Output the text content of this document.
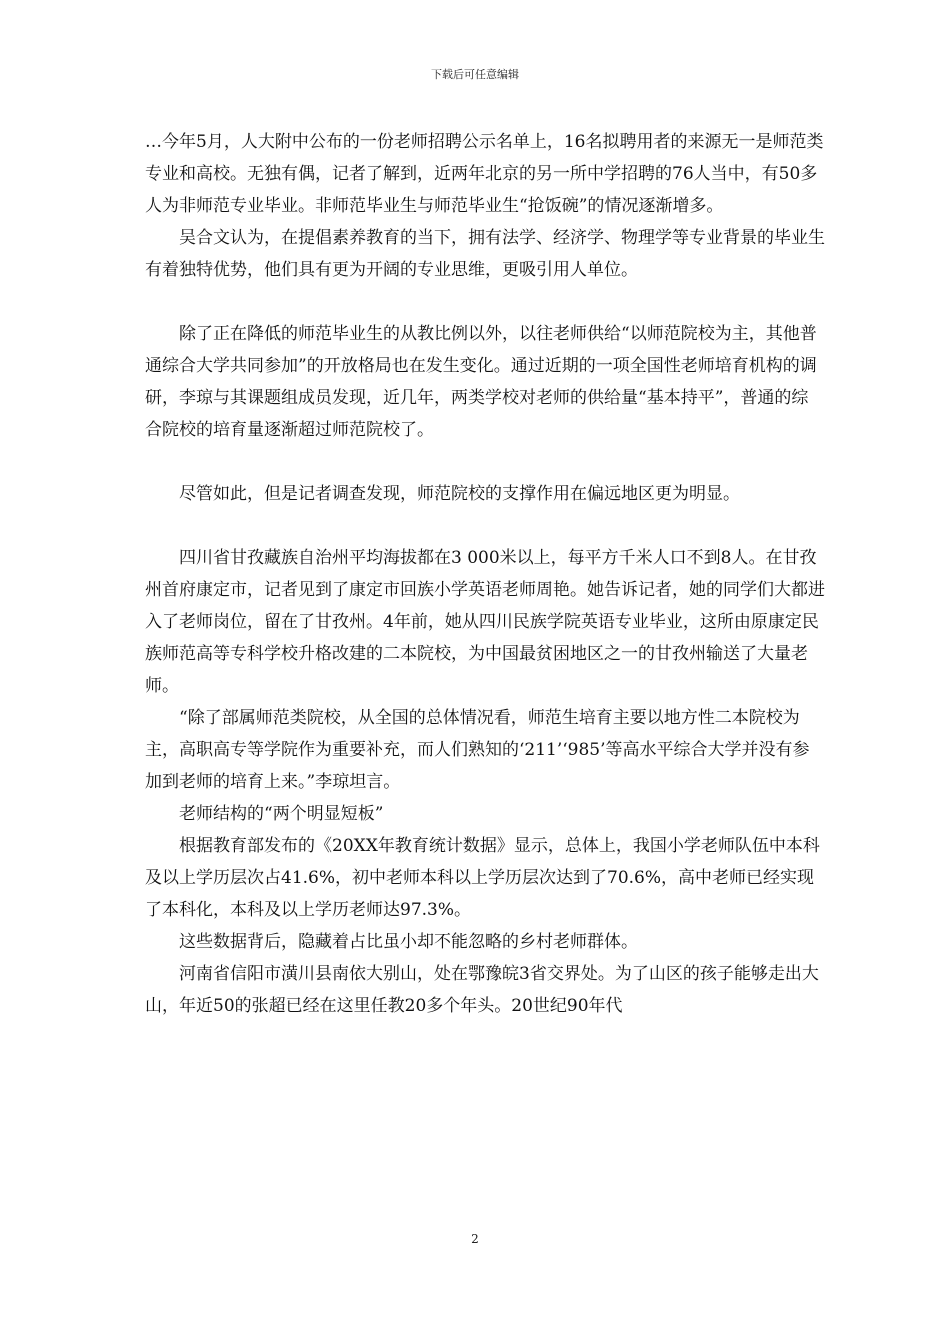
下载后可任意编辑

…今年5月，人大附中公布的一份老师招聘公示名单上，16名拟聘用者的来源无一是师范类专业和高校。无独有偶，记者了解到，近两年北京的另一所中学招聘的76人当中，有50多人为非师范专业毕业。非师范毕业生与师范毕业生“抢饭碗”的情况逐渐增多。

吴合文认为，在提倡素养教育的当下，拥有法学、经济学、物理学等专业背景的毕业生有着独特优势，他们具有更为开阔的专业思维，更吸引用人单位。

除了正在降低的师范毕业生的从教比例以外，以往老师供给“以师范院校为主，其他普通综合大学共同参加”的开放格局也在发生变化。通过近期的一项全国性老师培育机构的调研，李琼与其课题组成员发现，近几年，两类学校对老师的供给量“基本持平”，普通的综合院校的培育量逐渐超过师范院校了。

尽管如此，但是记者调查发现，师范院校的支撑作用在偏远地区更为明显。

四川省甘孜藏族自治州平均海拔都在3 000米以上，每平方千米人口不到8人。在甘孜州首府康定市，记者见到了康定市回族小学英语老师周艳。她告诉记者，她的同学们大都进入了老师岗位，留在了甘孜州。4年前，她从四川民族学院英语专业毕业，这所由原康定民族师范高等专科学校升格改建的二本院校，为中国最贫困地区之一的甘孜州输送了大量老师。

“除了部属师范类院校，从全国的总体情况看，师范生培育主要以地方性二本院校为主，高职高专等学院作为重要补充，而人们熟知的‘211’‘985’等高水平综合大学并没有参加到老师的培育上来。”李琼坦言。

老师结构的“两个明显短板”

根据教育部发布的《20XX年教育统计数据》显示，总体上，我国小学老师队伍中本科及以上学历层次占41.6%，初中老师本科以上学历层次达到了70.6%，高中老师已经实现了本科化，本科及以上学历老师达97.3%。

这些数据背后，隐藏着占比虽小却不能忽略的乡村老师群体。

河南省信阳市潢川县南依大别山，处在鄂豫皖3省交界处。为了山区的孩子能够走出大山，年近50的张超已经在这里任教20多个年头。20世纪90年代

2
